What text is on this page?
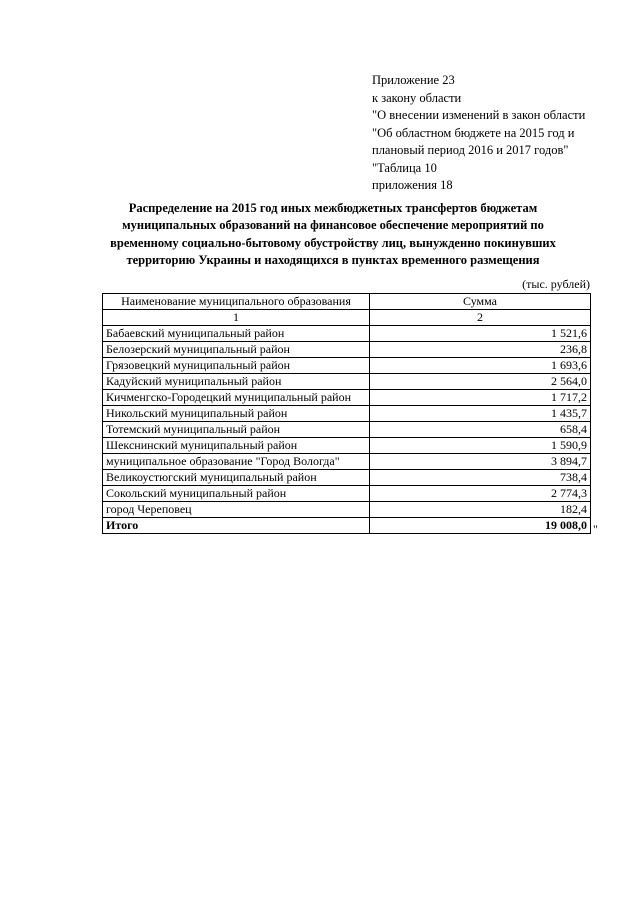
Приложение 23
к закону области
"О внесении изменений в закон области
"Об областном бюджете на 2015 год и
плановый период 2016 и 2017 годов"
"Таблица 10
приложения 18
Распределение на 2015 год иных межбюджетных трансфертов бюджетам
муниципальных образований на финансовое обеспечение мероприятий по
временному социально-бытовому обустройству лиц, вынужденно покинувших
территорию Украины и находящихся в пунктах временного размещения
(тыс. рублей)
Наименование муниципального образования	Сумма
1	2
Бабаевский муниципальный район	1 521,6
Белозерский муниципальный район	236,8
Грязовецкий муниципальный район	1 693,6
Кадуйский муниципальный район	2 564,0
Кичменгско-Городецкий муниципальный район	1 717,2
Никольский муниципальный район	1 435,7
Тотемский муниципальный район	658,4
Шекснинский муниципальный район	1 590,9
муниципальное образование "Город Вологда"	3 894,7
Великоустюгский муниципальный район	738,4
Сокольский муниципальный район	2 774,3
город Череповец	182,4
Итого	19 008,0 "
